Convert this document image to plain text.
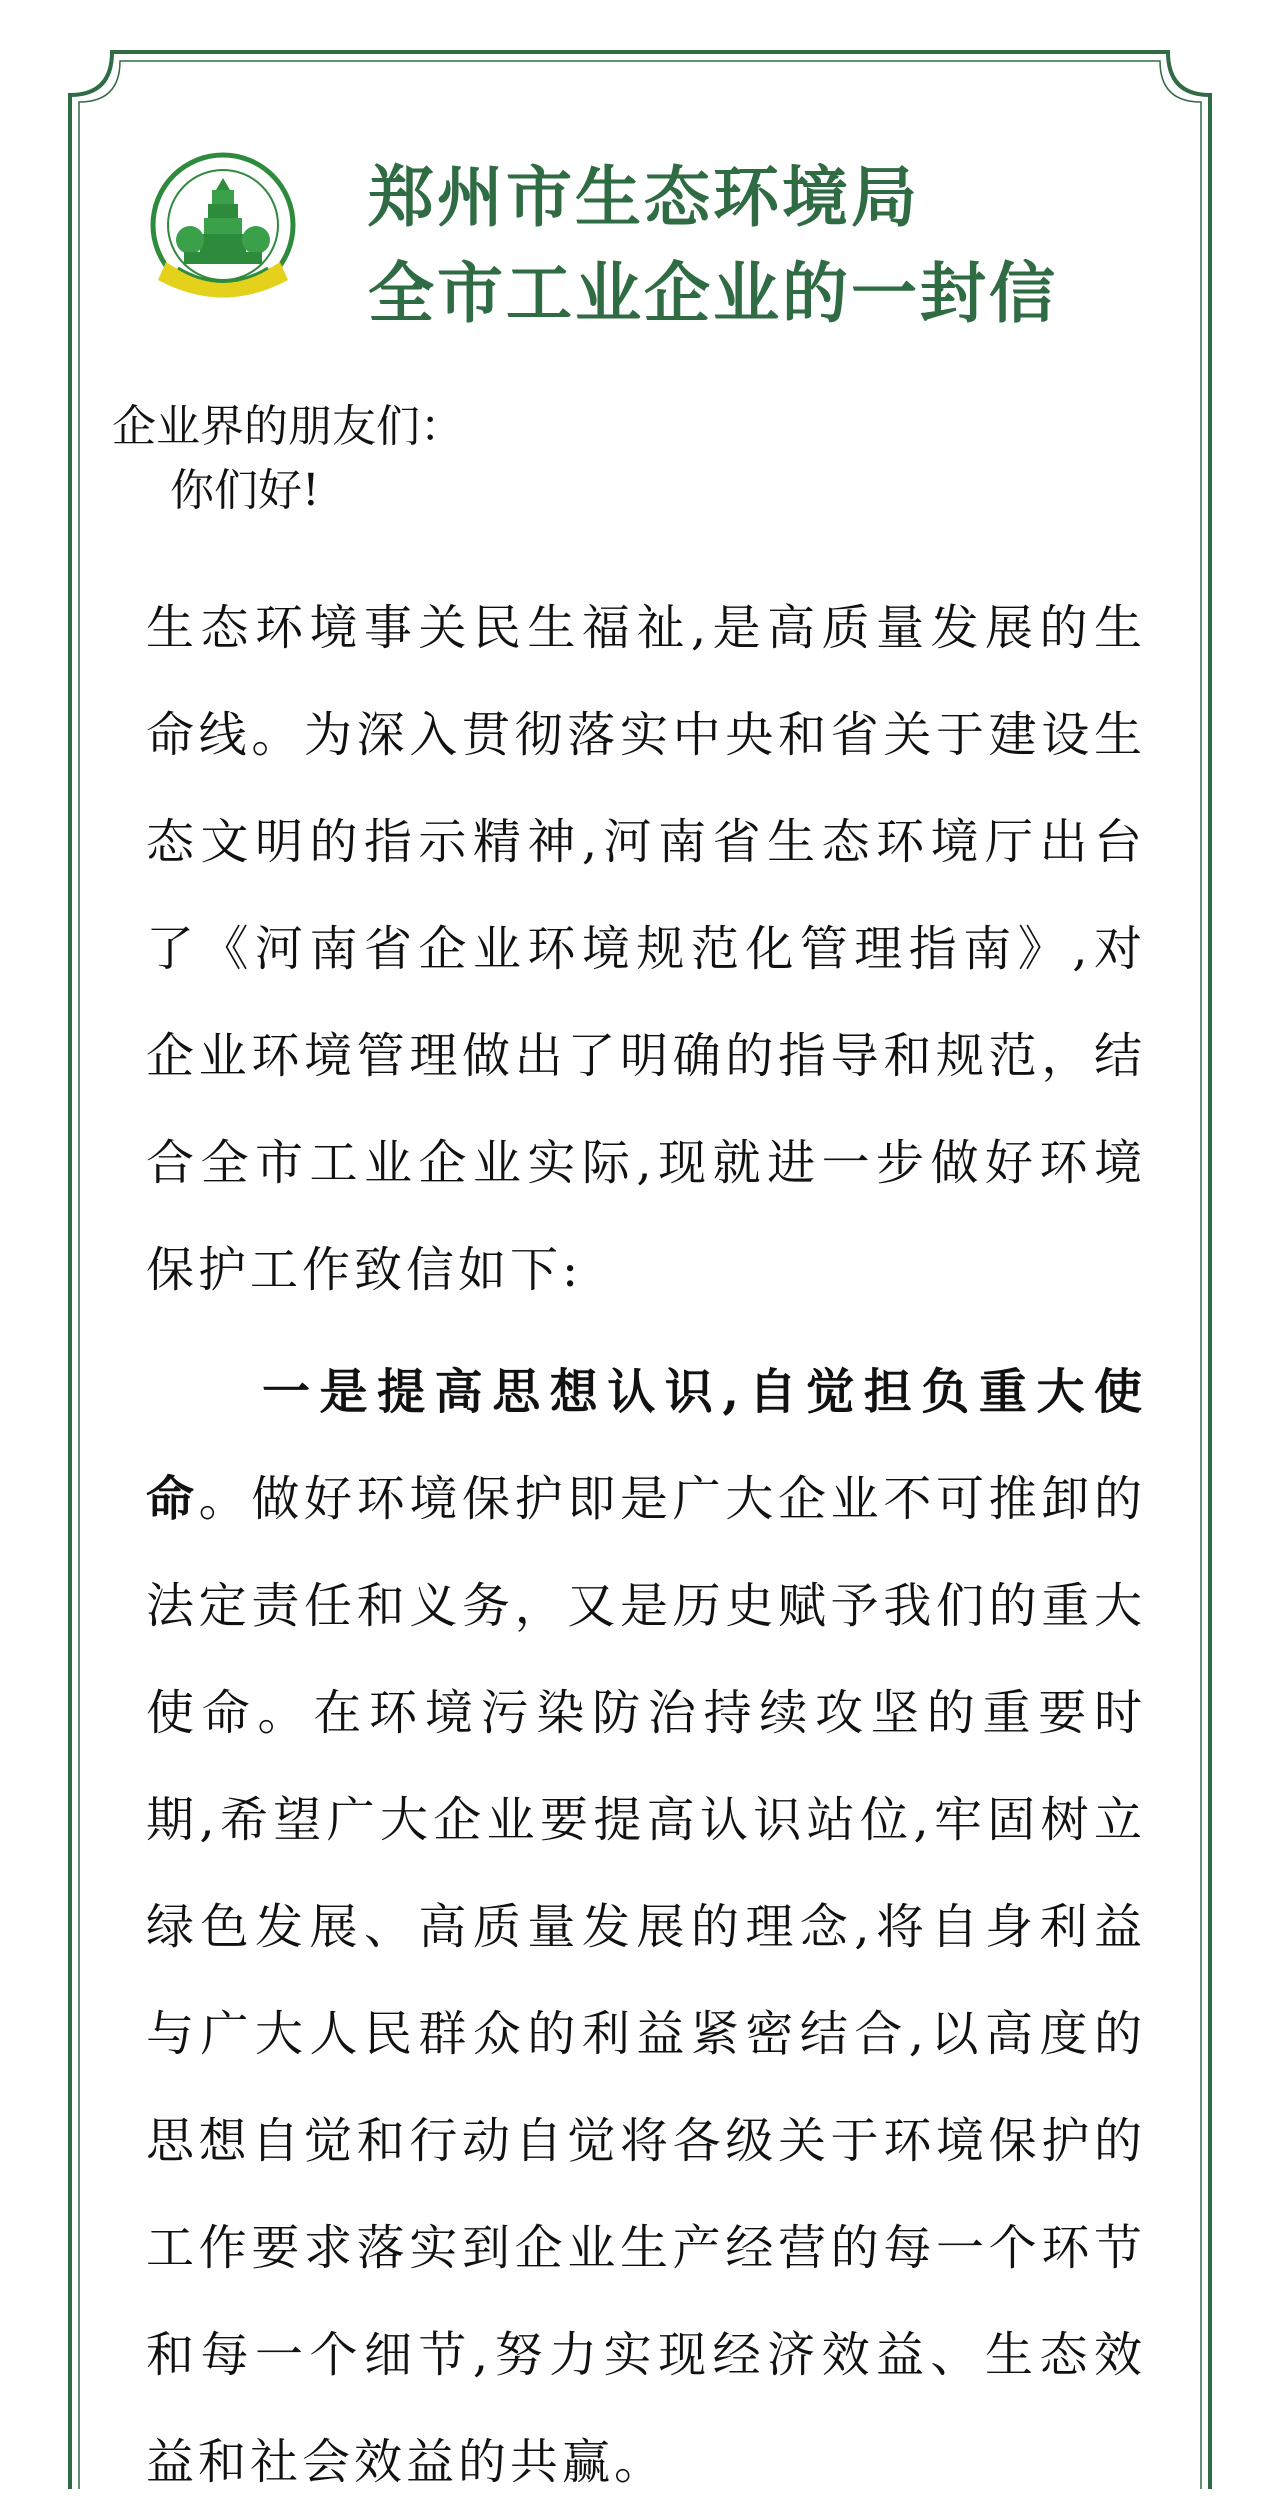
郑州市生态环境局
全市工业企业的一封信
企业界的朋友们：
你们好!

生态环境事关民生福祉,是高质量发展的生命线。为深入贯彻落实中央和省关于建设生态文明的指示精神,河南省生态环境厅出台了《河南省企业环境规范化管理指南》,对企业环境管理做出了明确的指导和规范，结合全市工业企业实际,现就进一步做好环境保护工作致信如下:

一是提高思想认识,自觉担负重大使命。做好环境保护即是广大企业不可推卸的法定责任和义务，又是历史赋予我们的重大使命。在环境污染防治持续攻坚的重要时期,希望广大企业要提高认识站位,牢固树立绿色发展、高质量发展的理念,将自身利益与广大人民群众的利益紧密结合,以高度的思想自觉和行动自觉将各级关于环境保护的工作要求落实到企业生产经营的每一个环节和每一个细节,努力实现经济效益、生态效益和社会效益的共赢。
